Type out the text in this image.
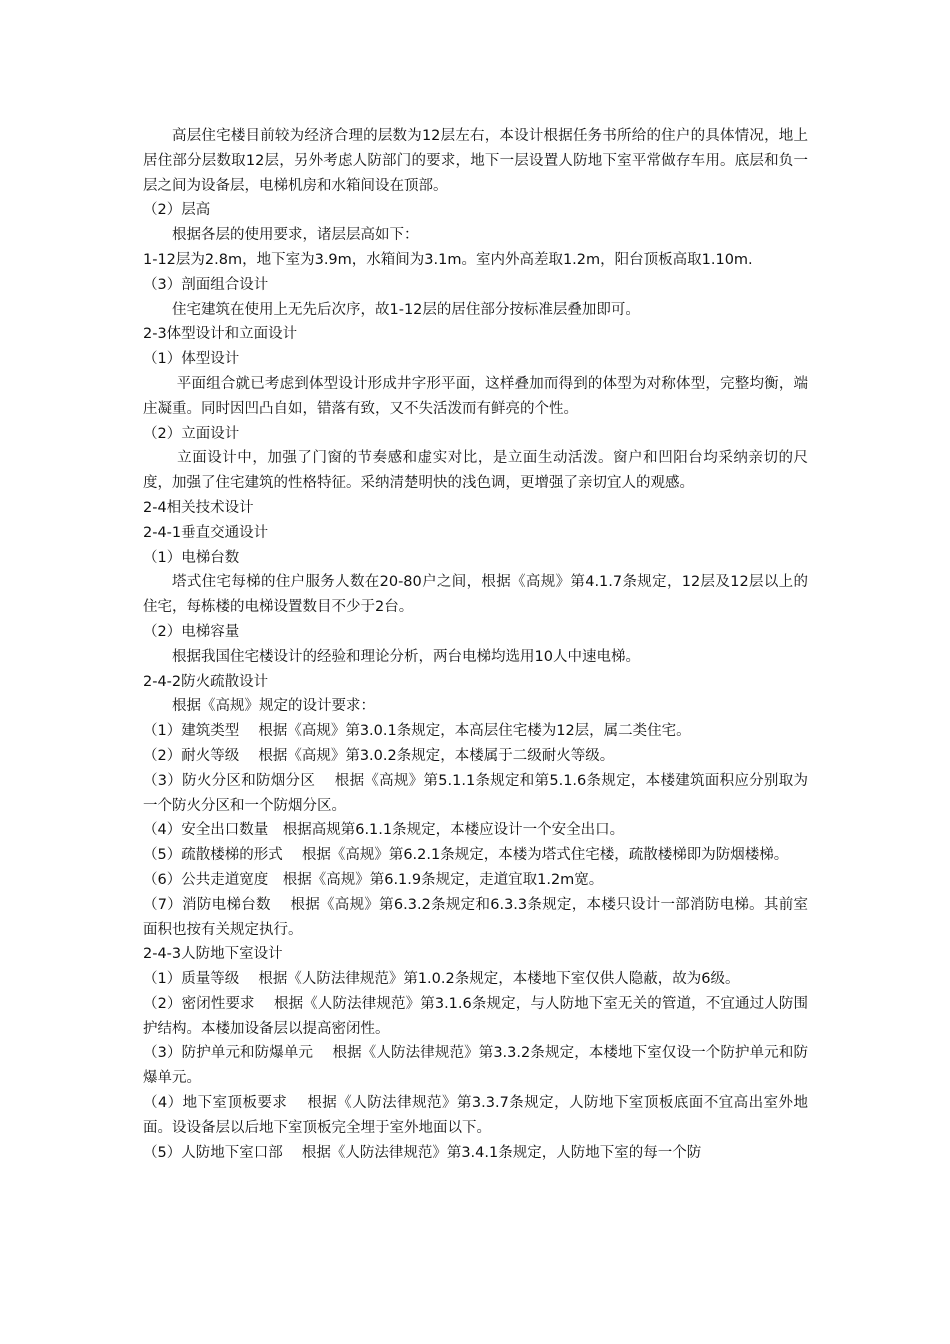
高层住宅楼目前较为经济合理的层数为12层左右，本设计根据任务书所给的住户的具体情况，地上居住部分层数取12层，另外考虑人防部门的要求，地下一层设置人防地下室平常做存车用。底层和负一层之间为设备层，电梯机房和水箱间设在顶部。
（2）层高
根据各层的使用要求，诸层层高如下：
1-12层为2.8m，地下室为3.9m，水箱间为3.1m。室内外高差取1.2m，阳台顶板高取1.10m.
（3）剖面组合设计
住宅建筑在使用上无先后次序，故1-12层的居住部分按标准层叠加即可。
2-3体型设计和立面设计
（1）体型设计
平面组合就已考虑到体型设计形成井字形平面，这样叠加而得到的体型为对称体型，完整均衡，端庄凝重。同时因凹凸自如，错落有致，又不失活泼而有鲜亮的个性。
（2）立面设计
立面设计中，加强了门窗的节奏感和虚实对比，是立面生动活泼。窗户和凹阳台均采纳亲切的尺度，加强了住宅建筑的性格特征。采纳清楚明快的浅色调，更增强了亲切宜人的观感。
2-4相关技术设计
2-4-1垂直交通设计
（1）电梯台数
塔式住宅每梯的住户服务人数在20-80户之间，根据《高规》第4.1.7条规定，12层及12层以上的住宅，每栋楼的电梯设置数目不少于2台。
（2）电梯容量
根据我国住宅楼设计的经验和理论分析，两台电梯均选用10人中速电梯。
2-4-2防火疏散设计
根据《高规》规定的设计要求：
（1）建筑类型　 根据《高规》第3.0.1条规定，本高层住宅楼为12层，属二类住宅。
（2）耐火等级　 根据《高规》第3.0.2条规定，本楼属于二级耐火等级。
（3）防火分区和防烟分区　 根据《高规》第5.1.1条规定和第5.1.6条规定，本楼建筑面积应分别取为一个防火分区和一个防烟分区。
（4）安全出口数量　根据高规第6.1.1条规定，本楼应设计一个安全出口。
（5）疏散楼梯的形式　 根据《高规》第6.2.1条规定，本楼为塔式住宅楼，疏散楼梯即为防烟楼梯。
（6）公共走道宽度　根据《高规》第6.1.9条规定，走道宜取1.2m宽。
（7）消防电梯台数　 根据《高规》第6.3.2条规定和6.3.3条规定，本楼只设计一部消防电梯。其前室面积也按有关规定执行。
2-4-3人防地下室设计
（1）质量等级　 根据《人防法律规范》第1.0.2条规定，本楼地下室仅供人隐蔽，故为6级。
（2）密闭性要求　 根据《人防法律规范》第3.1.6条规定，与人防地下室无关的管道，不宜通过人防围护结构。本楼加设备层以提高密闭性。
（3）防护单元和防爆单元　 根据《人防法律规范》第3.3.2条规定，本楼地下室仅设一个防护单元和防爆单元。
（4）地下室顶板要求　 根据《人防法律规范》第3.3.7条规定，人防地下室顶板底面不宜高出室外地面。设设备层以后地下室顶板完全埋于室外地面以下。
（5）人防地下室口部　 根据《人防法律规范》第3.4.1条规定，人防地下室的每一个防
